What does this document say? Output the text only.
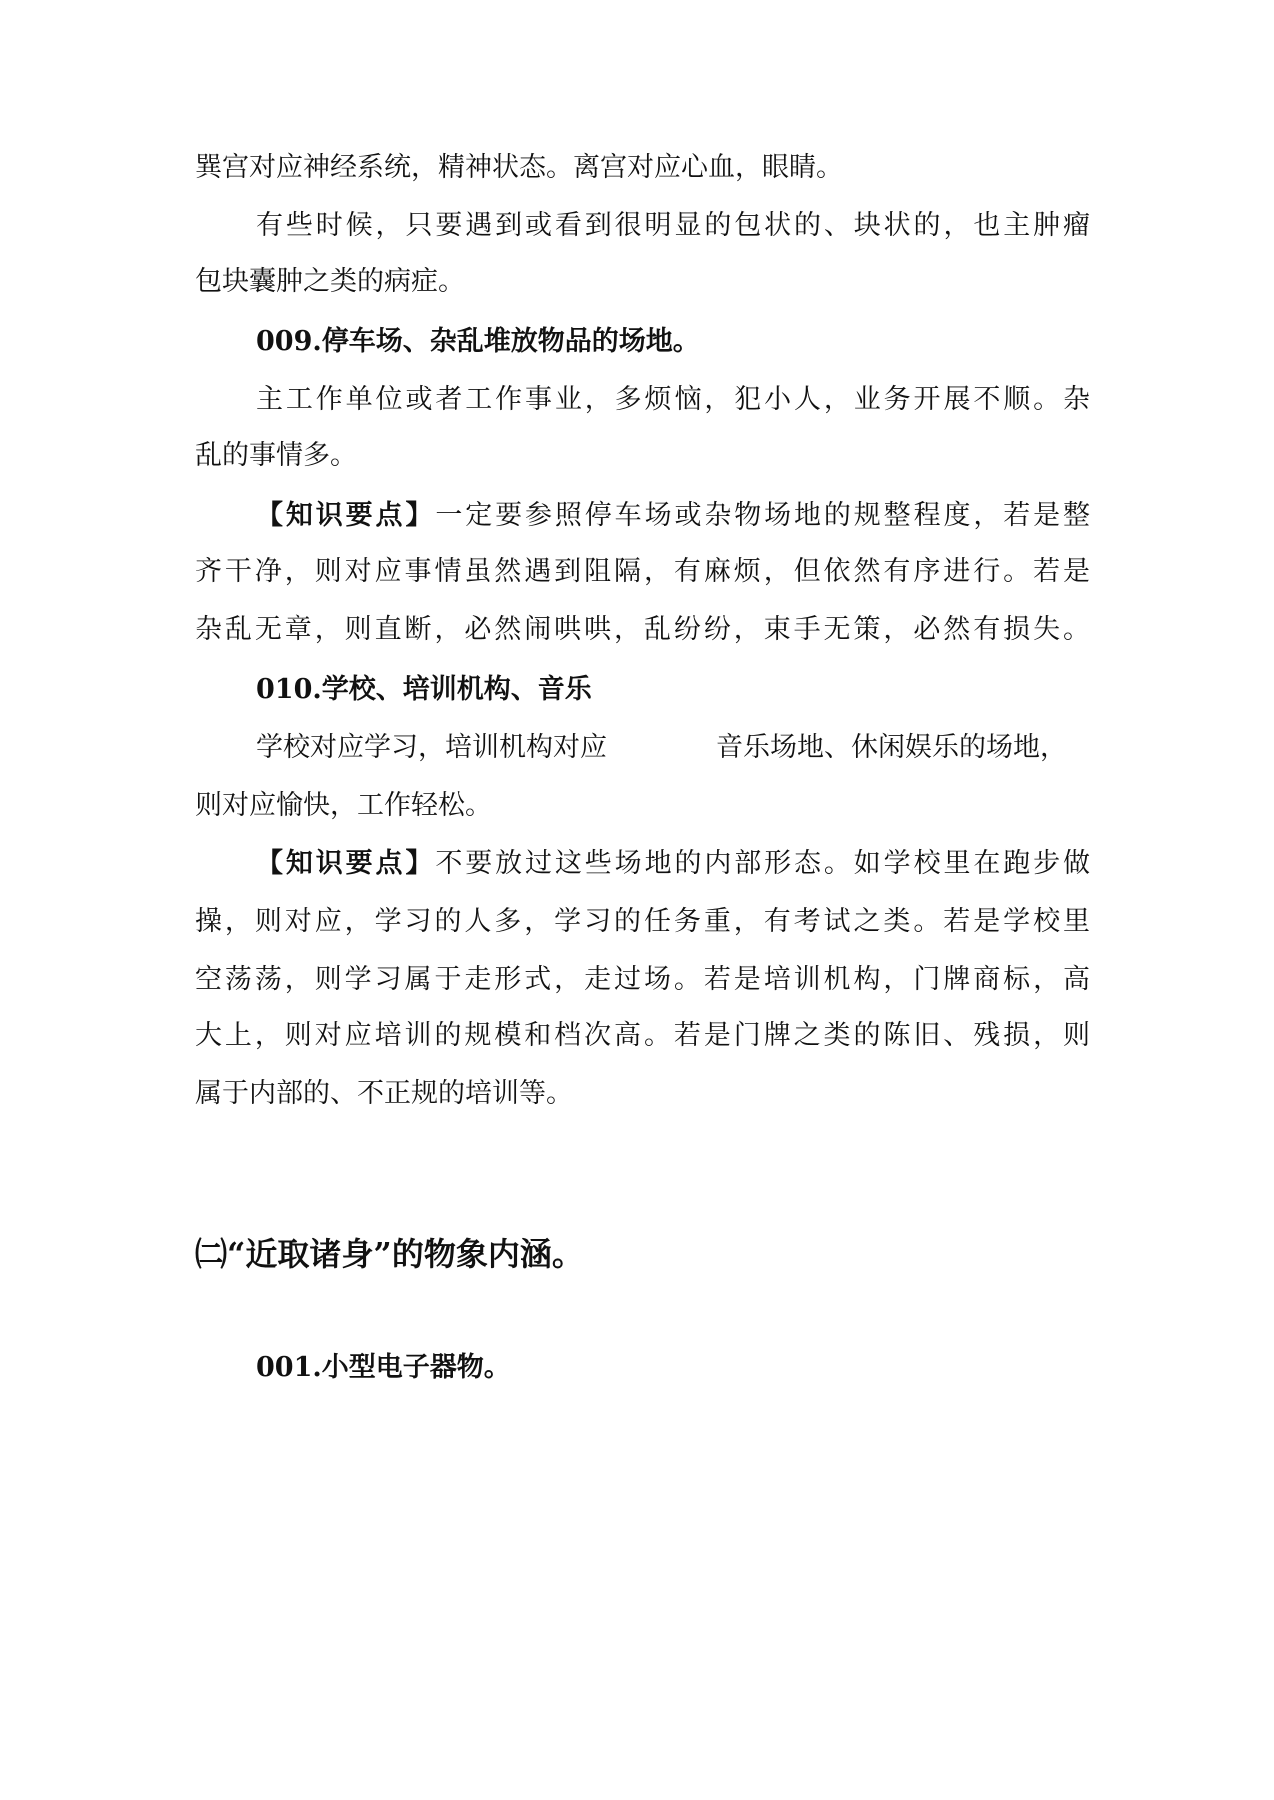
巽宫对应神经系统，精神状态。离宫对应心血，眼睛。

有些时候，只要遇到或看到很明显的包状的、块状的，也主肿瘤

包块囊肿之类的病症。

009.停车场、杂乱堆放物品的场地。

主工作单位或者工作事业，多烦恼，犯小人，业务开展不顺。杂

乱的事情多。

【知识要点】一定要参照停车场或杂物场地的规整程度，若是整

齐干净，则对应事情虽然遇到阻隔，有麻烦，但依然有序进行。若是

杂乱无章，则直断，必然闹哄哄，乱纷纷，束手无策，必然有损失。

010.学校、培训机构、音乐

学校对应学习，培训机构对应	音乐场地、休闲娱乐的场地，

则对应愉快，工作轻松。

【知识要点】不要放过这些场地的内部形态。如学校里在跑步做

操，则对应，学习的人多，学习的任务重，有考试之类。若是学校里

空荡荡，则学习属于走形式，走过场。若是培训机构，门牌商标，高

大上，则对应培训的规模和档次高。若是门牌之类的陈旧、残损，则

属于内部的、不正规的培训等。

㈡“近取诸身”的物象内涵。

001.小型电子器物。
